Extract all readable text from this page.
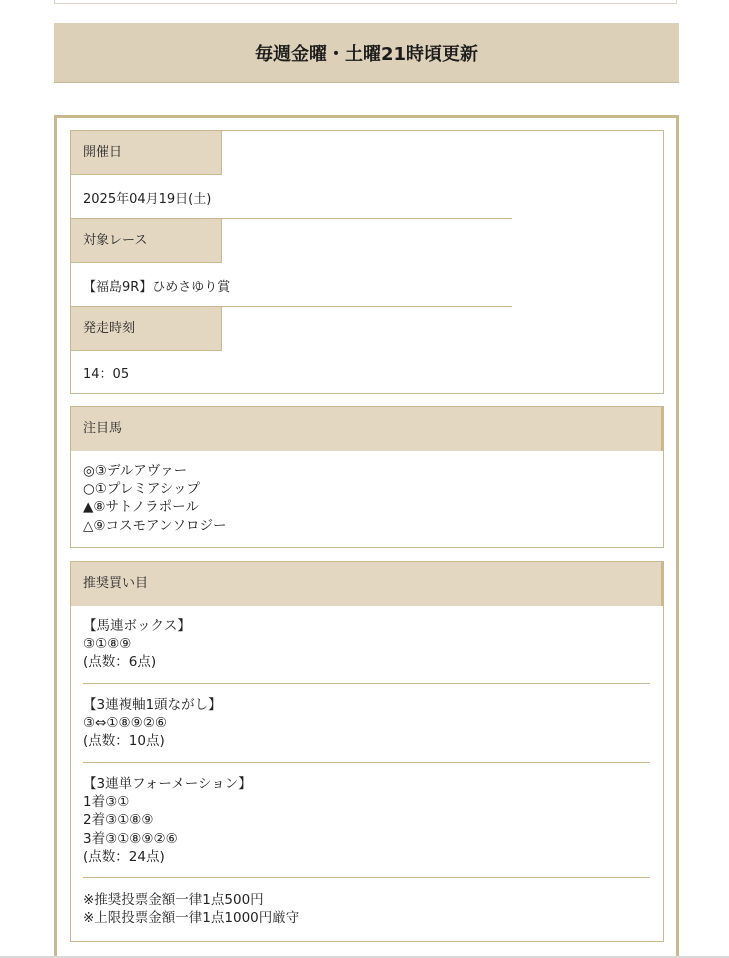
毎週金曜・土曜21時頃更新
開催日
2025年04月19日(土)
対象レース
【福島9R】ひめさゆり賞
発走時刻
14：05
注目馬
◎③デルアヴァー
○①プレミアシップ
▲⑧サトノラポール
△⑨コスモアンソロジー
推奨買い目
【馬連ボックス】
③①⑧⑨
(点数：6点)
【3連複軸1頭ながし】
③⇔①⑧⑨②⑥
(点数：10点)
【3連単フォーメーション】
1着③①
2着③①⑧⑨
3着③①⑧⑨②⑥
(点数：24点)
※推奨投票金額一律1点500円
※上限投票金額一律1点1000円厳守
